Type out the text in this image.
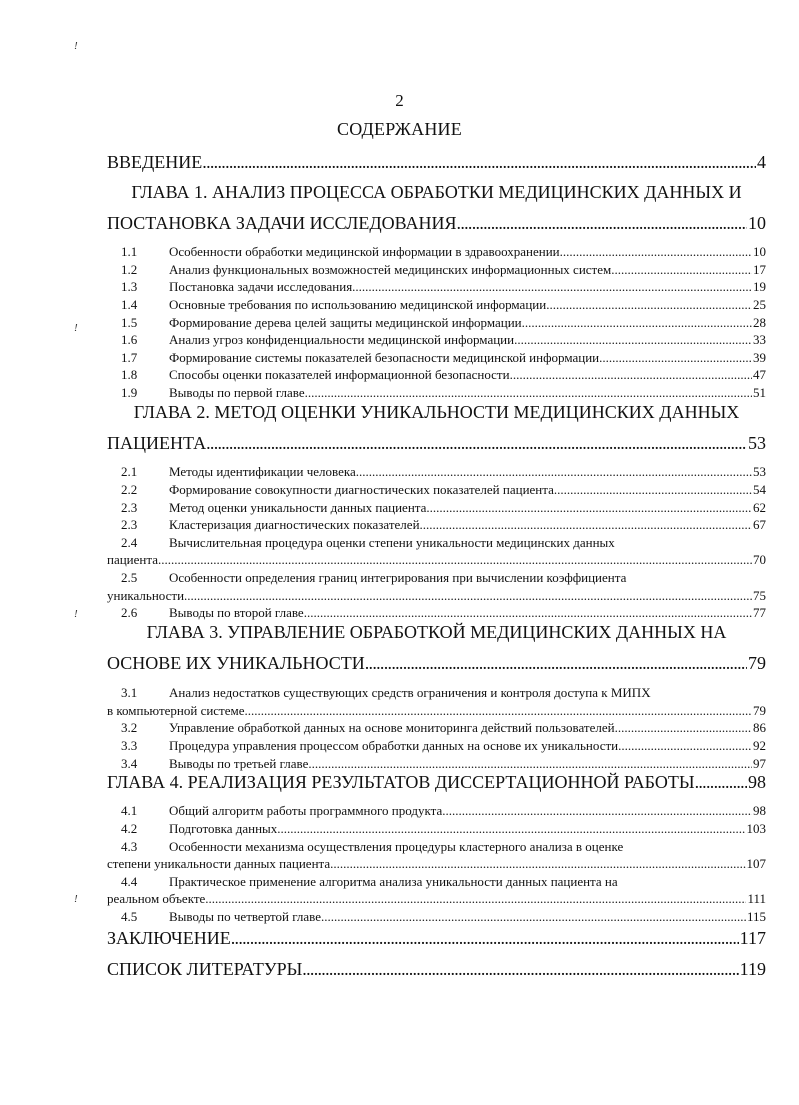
!
!
!
!
2
СОДЕРЖАНИЕ
ВВЕДЕНИЕ . . .	4
ГЛАВА 1. АНАЛИЗ ПРОЦЕССА ОБРАБОТКИ МЕДИЦИНСКИХ ДАННЫХ И
ПОСТАНОВКА ЗАДАЧИ ИССЛЕДОВАНИЯ . . .	10
1.1	Особенности обработки медицинской информации в здравоохранении .....	10
1.2	Анализ функциональных возможностей медицинских информационных систем .....	17
1.3	Постановка задачи исследования .....	19
1.4	Основные требования по использованию медицинской информации .....	25
1.5	Формирование дерева целей защиты медицинской информации .....	28
1.6	Анализ угроз конфиденциальности медицинской информации .....	33
1.7	Формирование системы показателей безопасности медицинской информации .....	39
1.8	Способы оценки показателей информационной безопасности .....	47
1.9	Выводы по первой главе .....	51
ГЛАВА 2. МЕТОД ОЦЕНКИ УНИКАЛЬНОСТИ МЕДИЦИНСКИХ ДАННЫХ
ПАЦИЕНТА . . .	53
2.1	Методы идентификации человека .....	53
2.2	Формирование совокупности диагностических показателей пациента .....	54
2.3	Метод оценки уникальности данных пациента .....	62
2.3	Кластеризация диагностических показателей .....	67
2.4	Вычислительная процедура оценки степени уникальности медицинских данных
пациента .....	70
2.5	Особенности определения границ интегрирования при вычислении коэффициента
уникальности .....	75
2.6	Выводы по второй главе .....	77
ГЛАВА 3. УПРАВЛЕНИЕ ОБРАБОТКОЙ МЕДИЦИНСКИХ ДАННЫХ НА
ОСНОВЕ ИХ УНИКАЛЬНОСТИ . . .	79
3.1	Анализ недостатков существующих средств ограничения и контроля доступа к МИПХ
в компьютерной системе .....	79
3.2	Управление обработкой данных на основе мониторинга действий пользователей .....	86
3.3	Процедура управления процессом обработки данных на основе их уникальности .....	92
3.4	Выводы по третьей главе .....	97
ГЛАВА 4. РЕАЛИЗАЦИЯ РЕЗУЛЬТАТОВ ДИССЕРТАЦИОННОЙ РАБОТЫ . . .	98
4.1	Общий алгоритм работы программного продукта .....	98
4.2	Подготовка данных .....	103
4.3	Особенности механизма осуществления процедуры кластерного анализа в оценке
степени уникальности данных пациента .....	107
4.4	Практическое применение алгоритма анализа уникальности данных пациента на
реальном объекте .....	111
4.5	Выводы по четвертой главе .....	115
ЗАКЛЮЧЕНИЕ . . .	117
СПИСОК ЛИТЕРАТУРЫ . . .	119
